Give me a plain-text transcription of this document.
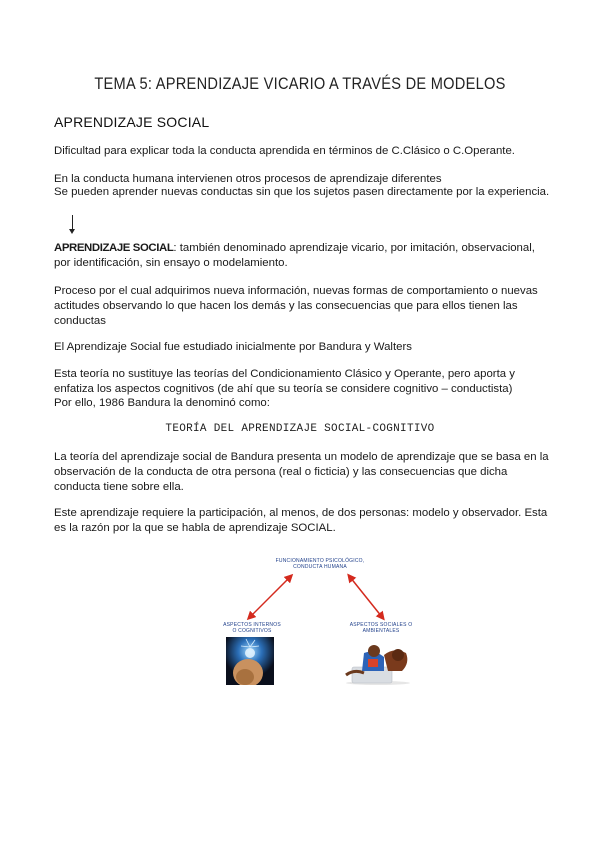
TEMA 5: APRENDIZAJE VICARIO A TRAVÉS DE MODELOS
APRENDIZAJE SOCIAL
Dificultad para explicar toda la conducta aprendida en términos de C.Clásico o C.Operante.
En la conducta humana intervienen otros procesos de aprendizaje diferentes
Se pueden aprender nuevas conductas sin que los sujetos pasen directamente por la experiencia.
APRENDIZAJE SOCIAL: también denominado aprendizaje vicario, por imitación, observacional, por identificación, sin ensayo o modelamiento.
Proceso por el cual adquirimos nueva información, nuevas formas de comportamiento o nuevas actitudes observando lo que hacen los demás y las consecuencias que para ellos tienen las conductas
El Aprendizaje Social fue estudiado inicialmente por Bandura y Walters
Esta teoría no sustituye las teorías del Condicionamiento Clásico y Operante, pero aporta y enfatiza los aspectos cognitivos (de ahí que su teoría se considere cognitivo – conductista)
Por ello, 1986 Bandura la denominó como:
TEORÍA DEL APRENDIZAJE SOCIAL-COGNITIVO
La teoría del aprendizaje social de Bandura presenta un modelo de aprendizaje que se basa en la observación de la conducta de otra persona (real o ficticia) y las consecuencias que dicha conducta tiene sobre ella.
Este aprendizaje requiere la participación, al menos, de dos personas: modelo y observador. Esta es la razón por la que se habla de aprendizaje SOCIAL.
FUNCIONAMIENTO PSICOLÓGICO,
CONDUCTA HUMANA
ASPECTOS INTERNOS
O COGNITIVOS
ASPECTOS SOCIALES O
AMBIENTALES
